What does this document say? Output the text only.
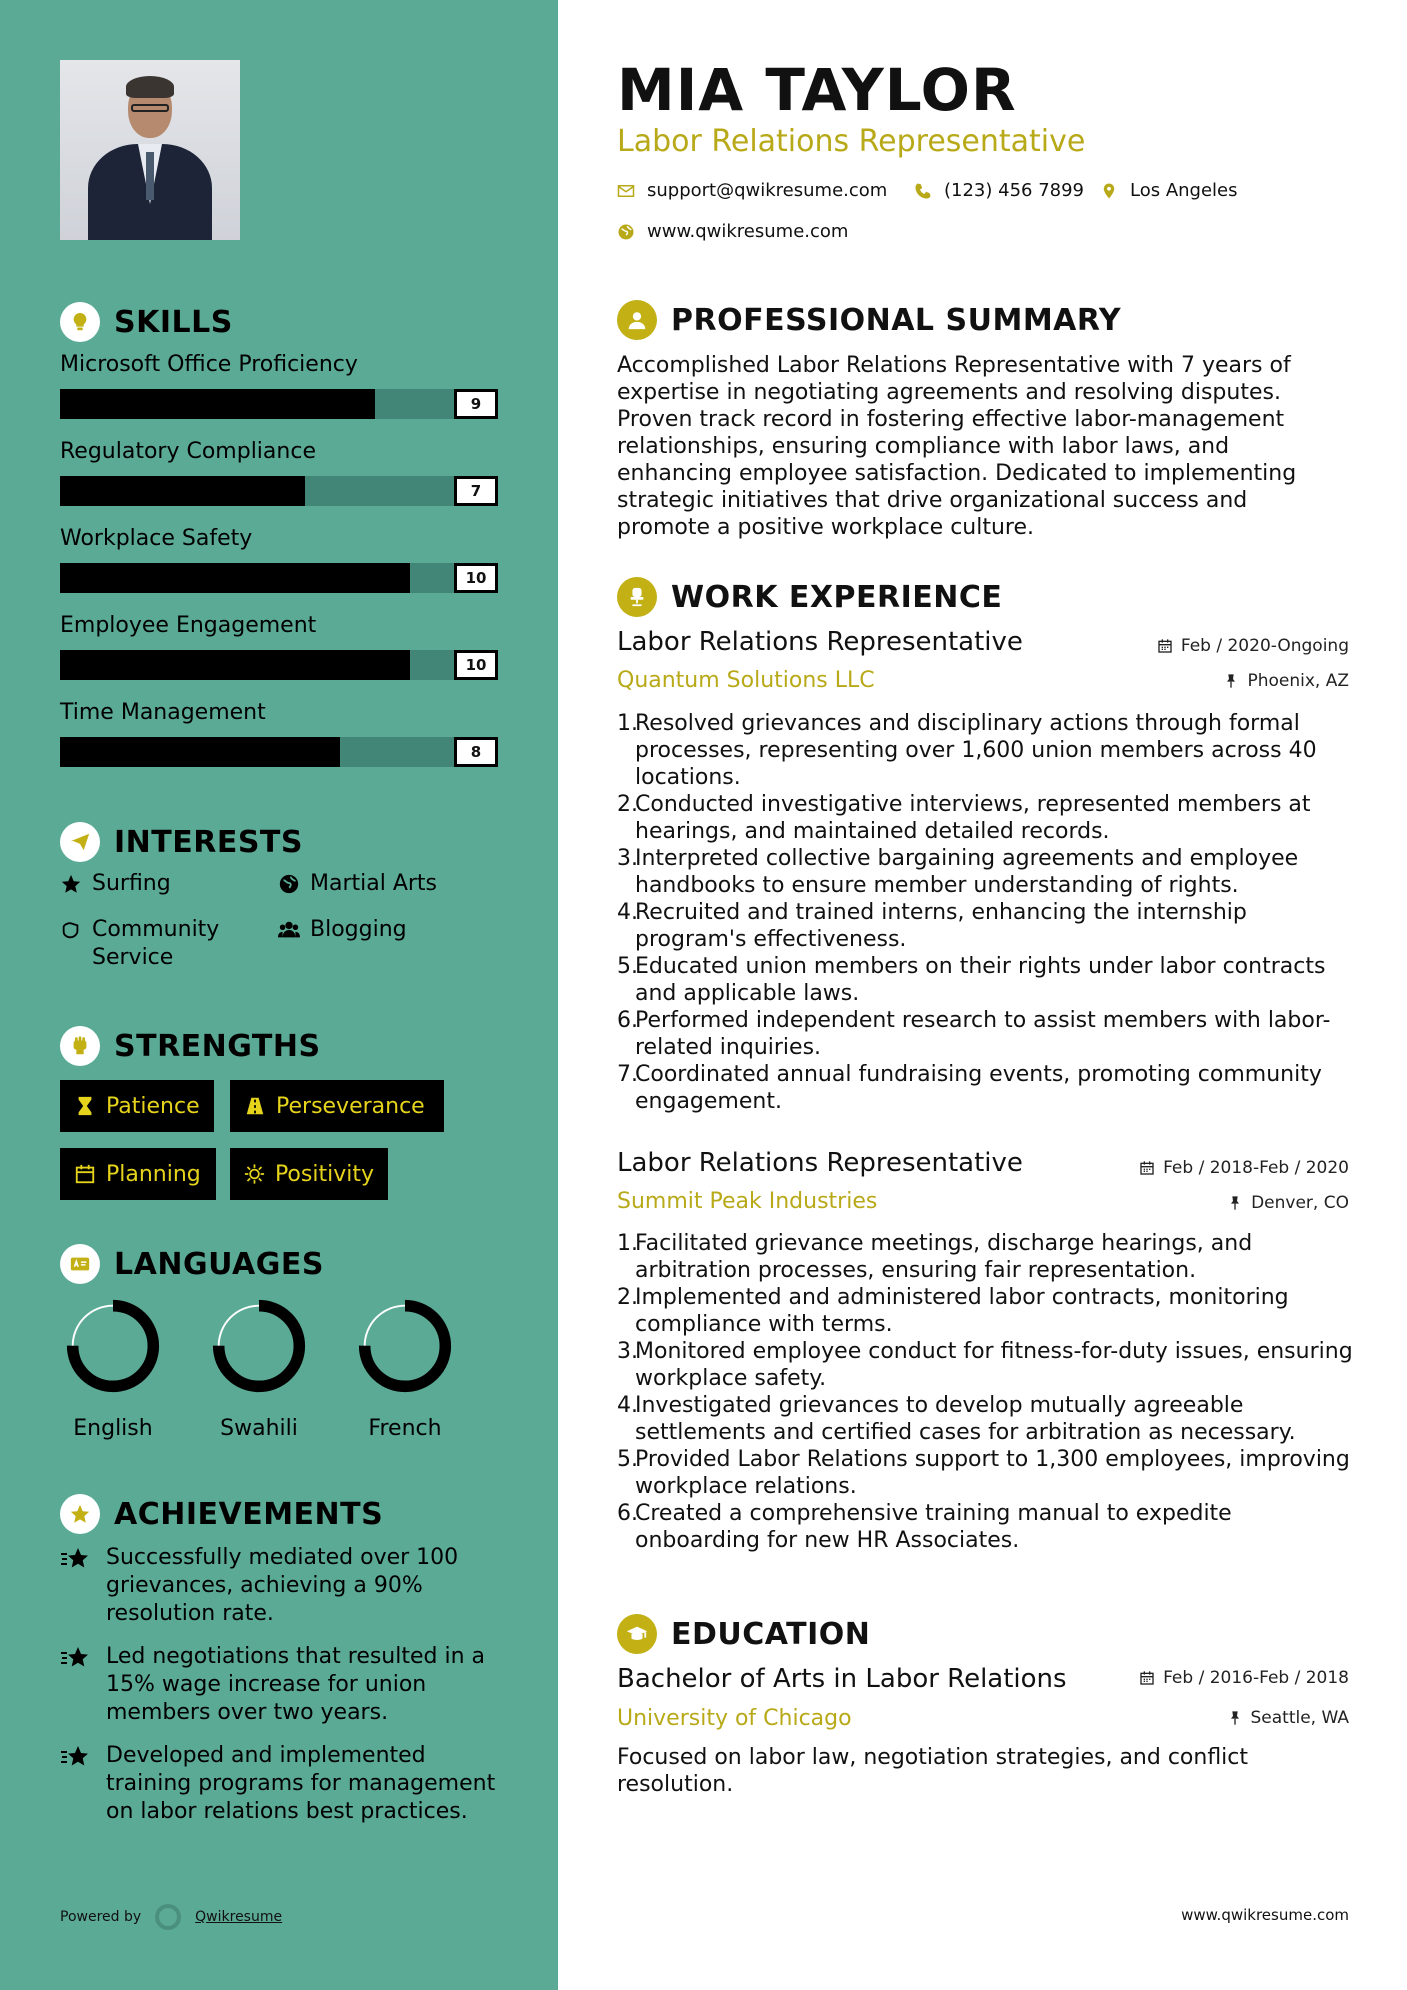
SKILLS
Microsoft Office Proficiency
9
Regulatory Compliance
7
Workplace Safety
10
Employee Engagement
10
Time Management
8
INTERESTS
Surfing	Martial Arts
Community Service
Blogging
STRENGTHS
Patience	Perseverance
Planning	Positivity
LANGUAGES
English	Swahili	French
ACHIEVEMENTS
Successfully mediated over 100 grievances, achieving a 90% resolution rate.
Led negotiations that resulted in a 15% wage increase for union members over two years.
Developed and implemented training programs for management on labor relations best practices.
Powered by	Qwikresume
MIA TAYLOR
Labor Relations Representative
support@qwikresume.com	(123) 456 7899	Los Angeles
www.qwikresume.com
PROFESSIONAL SUMMARY
Accomplished Labor Relations Representative with 7 years of expertise in negotiating agreements and resolving disputes. Proven track record in fostering effective labor-management relationships, ensuring compliance with labor laws, and enhancing employee satisfaction. Dedicated to implementing strategic initiatives that drive organizational success and promote a positive workplace culture.
WORK EXPERIENCE
Labor Relations Representative	Feb / 2020-Ongoing
Quantum Solutions LLC	Phoenix, AZ
1.
Resolved grievances and disciplinary actions through formal processes, representing over 1,600 union members across 40 locations.
2.
Conducted investigative interviews, represented members at hearings, and maintained detailed records.
3.
Interpreted collective bargaining agreements and employee handbooks to ensure member understanding of rights.
4.
Recruited and trained interns, enhancing the internship program's effectiveness.
5.
Educated union members on their rights under labor contracts and applicable laws.
6.
Performed independent research to assist members with labor-related inquiries.
7.
Coordinated annual fundraising events, promoting community engagement.
Labor Relations Representative	Feb / 2018-Feb / 2020
Summit Peak Industries	Denver, CO
1.
Facilitated grievance meetings, discharge hearings, and arbitration processes, ensuring fair representation.
2.
Implemented and administered labor contracts, monitoring compliance with terms.
3.
Monitored employee conduct for fitness-for-duty issues, ensuring workplace safety.
4.
Investigated grievances to develop mutually agreeable settlements and certified cases for arbitration as necessary.
5.
Provided Labor Relations support to 1,300 employees, improving workplace relations.
6.
Created a comprehensive training manual to expedite onboarding for new HR Associates.
EDUCATION
Bachelor of Arts in Labor Relations	Feb / 2016-Feb / 2018
University of Chicago	Seattle, WA
Focused on labor law, negotiation strategies, and conflict resolution.
www.qwikresume.com
